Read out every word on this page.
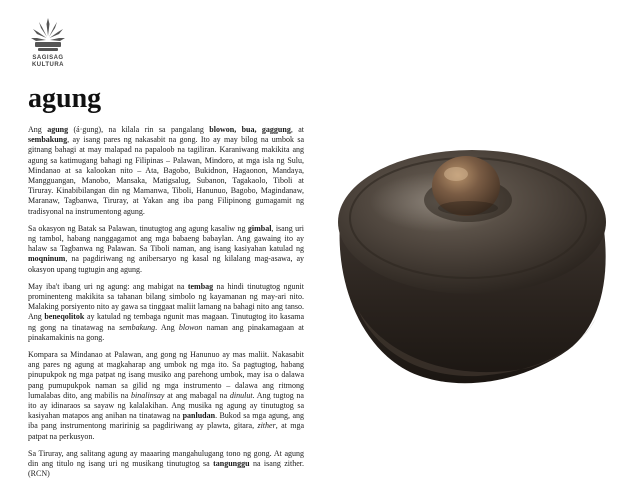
SAGISAG
KULTURA
agung

Ang agung (á·gung), na kilala rin sa pangalang blowon, bua, gaggung, at sembakung, ay isang pares ng nakasabit na gong. Ito ay may bilog na umbok sa gitnang bahagi at may malapad na papaloob na tagiliran. Karaniwang makikita ang agung sa katimugang bahagi ng Filipinas – Palawan, Mindoro, at mga isla ng Sulu, Mindanao at sa kalookan nito – Ata, Bagobo, Bukidnon, Hagaonon, Mandaya, Mangguangan, Manobo, Mansaka, Matigsalug, Subanon, Tagakaolo, Tiboli at Tiruray. Kinabibilangan din ng Mamanwa, Tiboli, Hanunuo, Bagobo, Magindanaw, Maranaw, Tagbanwa, Tiruray, at Yakan ang iba pang Filipinong gumagamit ng tradisyonal na instrumentong agung.

Sa okasyon ng Batak sa Palawan, tinutugtog ang agung kasaliw ng gimbal, isang uri ng tambol, habang nanggagamot ang mga babaeng babaylan. Ang gawaing ito ay halaw sa Tagbanwa ng Palawan. Sa Tiboli naman, ang isang kasiyahan katulad ng moqninum, na pagdiriwang ng anibersaryo ng kasal ng kilalang mag-asawa, ay okasyon upang tugtugin ang agung.

May iba't ibang uri ng agung: ang mabigat na tembag na hindi tinutugtog ngunit prominenteng makikita sa tahanan bilang simbolo ng kayamanan ng may-ari nito. Malaking porsiyento nito ay gawa sa tinggaat maliit lamang na bahagi nito ang tanso. Ang beneqolitok ay katulad ng tembaga ngunit mas magaan. Tinutugtog ito kasama ng gong na tinatawag na sembakung. Ang blowon naman ang pinakamagaan at pinakamakinis na gong.

Kompara sa Mindanao at Palawan, ang gong ng Hanunuo ay mas maliit. Nakasabit ang pares ng agung at magkaharap ang umbok ng mga ito. Sa pagtugtog, habang pinupukpok ng mga patpat ng isang musiko ang parehong umbok, may isa o dalawa pang pumupukpok naman sa gilid ng mga instrumento – dalawa ang ritmong lumalabas dito, ang mabilis na binalinsay at ang mabagal na dinulut. Ang tugtog na ito ay idinaraos sa sayaw ng kalalakihan. Ang musika ng agung ay tinutugtog sa kasiyahan matapos ang anihan na tinatawag na panludan. Bukod sa mga agung, ang iba pang instrumentong maririnig sa pagdiriwang ay plawta, gitara, zither, at mga patpat na perkusyon.

Sa Tiruray, ang salitang agung ay maaaring mangahulugang tono ng gong. At agung din ang titulo ng isang uri ng musikang tinutugtog sa tangunggu na isang zither. (RCN)
